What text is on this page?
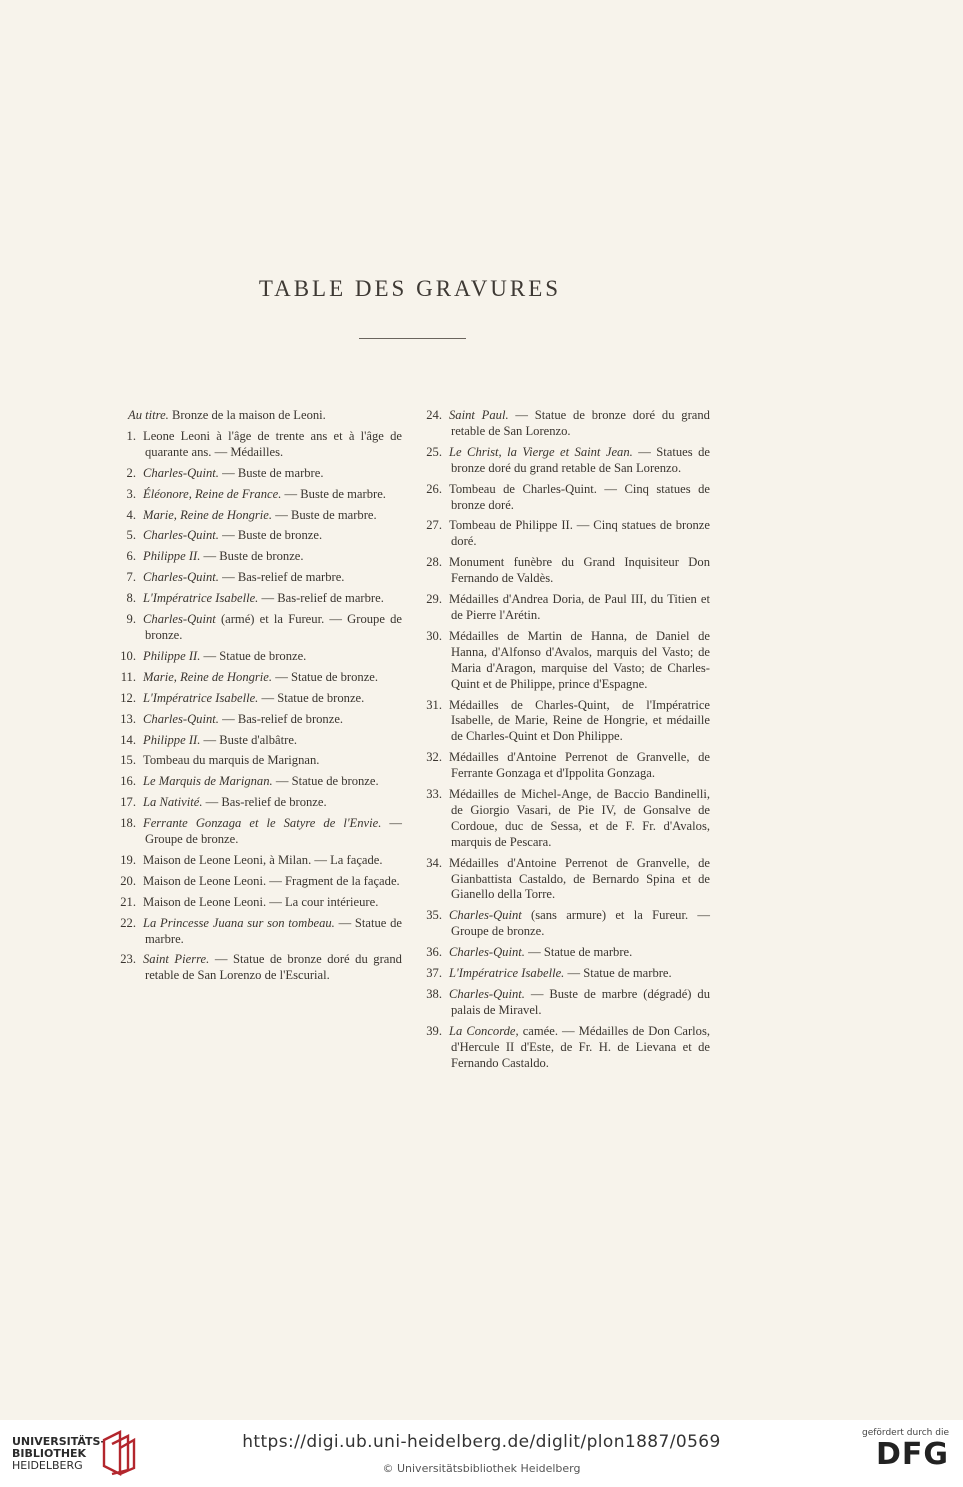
TABLE DES GRAVURES
Au titre. Bronze de la maison de Leoni.
1. Leone Leoni à l'âge de trente ans et à l'âge de quarante ans. — Médailles.
2. Charles-Quint. — Buste de marbre.
3. Éléonore, Reine de France. — Buste de marbre.
4. Marie, Reine de Hongrie. — Buste de marbre.
5. Charles-Quint. — Buste de bronze.
6. Philippe II. — Buste de bronze.
7. Charles-Quint. — Bas-relief de marbre.
8. L'Impératrice Isabelle. — Bas-relief de marbre.
9. Charles-Quint (armé) et la Fureur. — Groupe de bronze.
10. Philippe II. — Statue de bronze.
11. Marie, Reine de Hongrie. — Statue de bronze.
12. L'Impératrice Isabelle. — Statue de bronze.
13. Charles-Quint. — Bas-relief de bronze.
14. Philippe II. — Buste d'albâtre.
15. Tombeau du marquis de Marignan.
16. Le Marquis de Marignan. — Statue de bronze.
17. La Nativité. — Bas-relief de bronze.
18. Ferrante Gonzaga et le Satyre de l'Envie. — Groupe de bronze.
19. Maison de Leone Leoni, à Milan. — La façade.
20. Maison de Leone Leoni. — Fragment de la façade.
21. Maison de Leone Leoni. — La cour intérieure.
22. La Princesse Juana sur son tombeau. — Statue de marbre.
23. Saint Pierre. — Statue de bronze doré du grand retable de San Lorenzo de l'Escurial.
24. Saint Paul. — Statue de bronze doré du grand retable de San Lorenzo.
25. Le Christ, la Vierge et Saint Jean. — Statues de bronze doré du grand retable de San Lorenzo.
26. Tombeau de Charles-Quint. — Cinq statues de bronze doré.
27. Tombeau de Philippe II. — Cinq statues de bronze doré.
28. Monument funèbre du Grand Inquisiteur Don Fernando de Valdès.
29. Médailles d'Andrea Doria, de Paul III, du Titien et de Pierre l'Arétin.
30. Médailles de Martin de Hanna, de Daniel de Hanna, d'Alfonso d'Avalos, marquis del Vasto; de Maria d'Aragon, marquise del Vasto; de Charles-Quint et de Philippe, prince d'Espagne.
31. Médailles de Charles-Quint, de l'Impératrice Isabelle, de Marie, Reine de Hongrie, et médaille de Charles-Quint et Don Philippe.
32. Médailles d'Antoine Perrenot de Granvelle, de Ferrante Gonzaga et d'Ippolita Gonzaga.
33. Médailles de Michel-Ange, de Baccio Bandinelli, de Giorgio Vasari, de Pie IV, de Gonsalve de Cordoue, duc de Sessa, et de F. Fr. d'Avalos, marquis de Pescara.
34. Médailles d'Antoine Perrenot de Granvelle, de Gianbattista Castaldo, de Bernardo Spina et de Gianello della Torre.
35. Charles-Quint (sans armure) et la Fureur. — Groupe de bronze.
36. Charles-Quint. — Statue de marbre.
37. L'Impératrice Isabelle. — Statue de marbre.
38. Charles-Quint. — Buste de marbre (dégradé) du palais de Miravel.
39. La Concorde, camée. — Médailles de Don Carlos, d'Hercule II d'Este, de Fr. H. de Lievana et de Fernando Castaldo.
UNIVERSITÄTS-
BIBLIOTHEK
HEIDELBERG
https://digi.ub.uni-heidelberg.de/diglit/plon1887/0569
© Universitätsbibliothek Heidelberg
gefördert durch die
DFG
